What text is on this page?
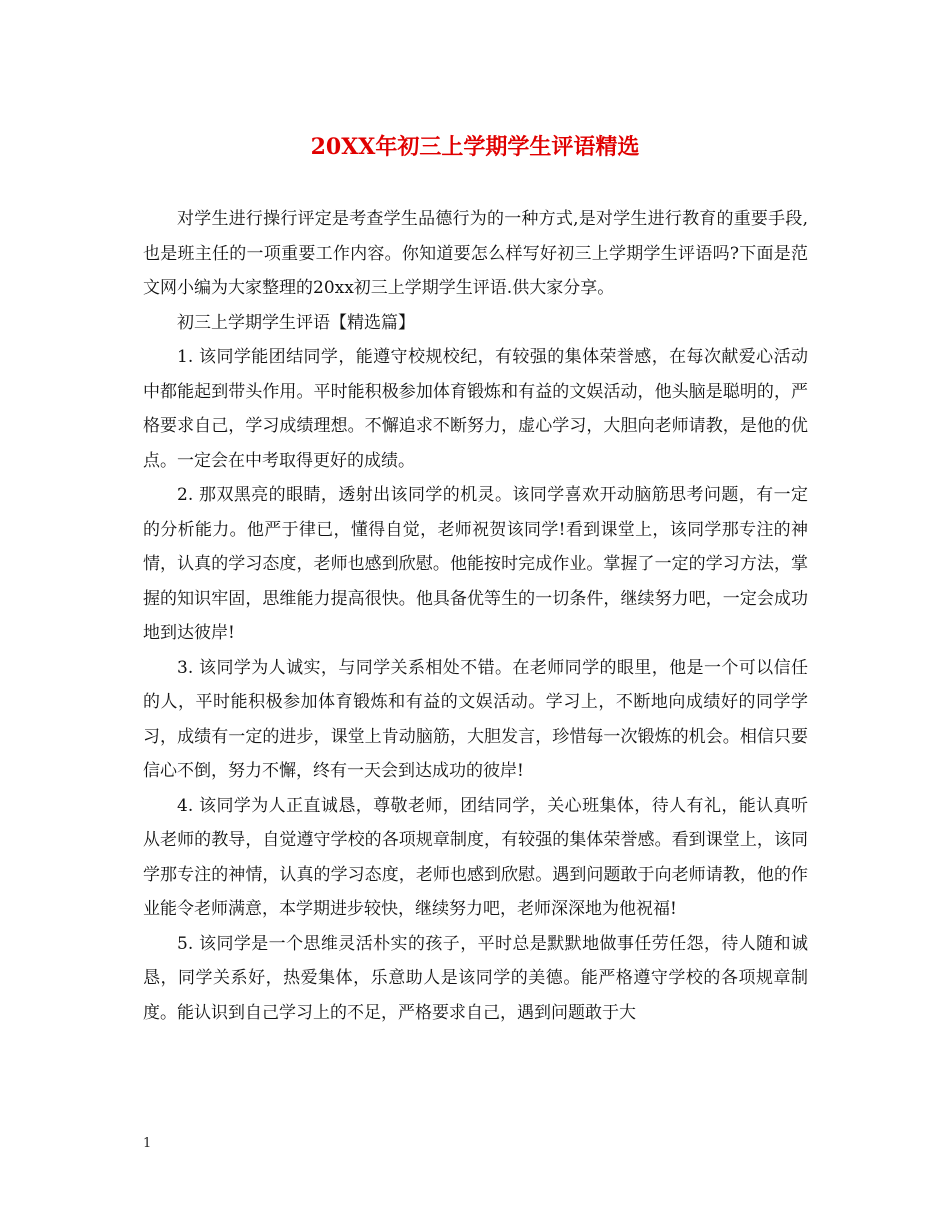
20XX年初三上学期学生评语精选

对学生进行操行评定是考查学生品德行为的一种方式,是对学生进行教育的重要手段,也是班主任的一项重要工作内容。你知道要怎么样写好初三上学期学生评语吗?下面是范文网小编为大家整理的20xx初三上学期学生评语.供大家分享。

初三上学期学生评语【精选篇】

1. 该同学能团结同学，能遵守校规校纪，有较强的集体荣誉感，在每次献爱心活动中都能起到带头作用。平时能积极参加体育锻炼和有益的文娱活动，他头脑是聪明的，严格要求自己，学习成绩理想。不懈追求不断努力，虚心学习，大胆向老师请教，是他的优点。一定会在中考取得更好的成绩。

2. 那双黑亮的眼睛，透射出该同学的机灵。该同学喜欢开动脑筋思考问题，有一定的分析能力。他严于律已，懂得自觉，老师祝贺该同学!看到课堂上，该同学那专注的神情，认真的学习态度，老师也感到欣慰。他能按时完成作业。掌握了一定的学习方法，掌握的知识牢固，思维能力提高很快。他具备优等生的一切条件，继续努力吧，一定会成功地到达彼岸!

3. 该同学为人诚实，与同学关系相处不错。在老师同学的眼里，他是一个可以信任的人，平时能积极参加体育锻炼和有益的文娱活动。学习上，不断地向成绩好的同学学习，成绩有一定的进步，课堂上肯动脑筋，大胆发言，珍惜每一次锻炼的机会。相信只要信心不倒，努力不懈，终有一天会到达成功的彼岸!

4. 该同学为人正直诚恳，尊敬老师，团结同学，关心班集体，待人有礼，能认真听从老师的教导，自觉遵守学校的各项规章制度，有较强的集体荣誉感。看到课堂上，该同学那专注的神情，认真的学习态度，老师也感到欣慰。遇到问题敢于向老师请教，他的作业能令老师满意，本学期进步较快，继续努力吧，老师深深地为他祝福!

5. 该同学是一个思维灵活朴实的孩子，平时总是默默地做事任劳任怨，待人随和诚恳，同学关系好，热爱集体，乐意助人是该同学的美德。能严格遵守学校的各项规章制度。能认识到自己学习上的不足，严格要求自己，遇到问题敢于大

1
